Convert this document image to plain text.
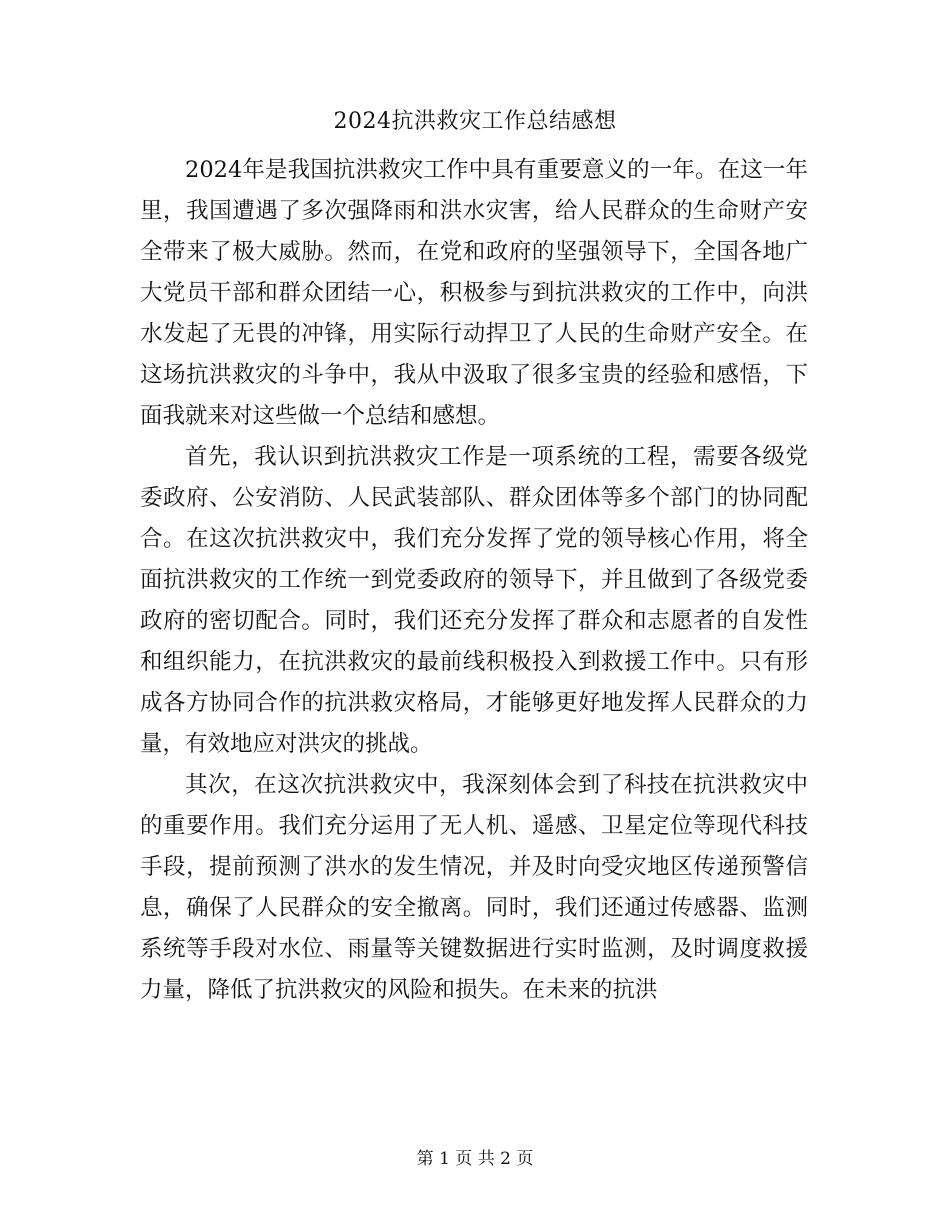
2024抗洪救灾工作总结感想

2024年是我国抗洪救灾工作中具有重要意义的一年。在这一年里，我国遭遇了多次强降雨和洪水灾害，给人民群众的生命财产安全带来了极大威胁。然而，在党和政府的坚强领导下，全国各地广大党员干部和群众团结一心，积极参与到抗洪救灾的工作中，向洪水发起了无畏的冲锋，用实际行动捍卫了人民的生命财产安全。在这场抗洪救灾的斗争中，我从中汲取了很多宝贵的经验和感悟，下面我就来对这些做一个总结和感想。

首先，我认识到抗洪救灾工作是一项系统的工程，需要各级党委政府、公安消防、人民武装部队、群众团体等多个部门的协同配合。在这次抗洪救灾中，我们充分发挥了党的领导核心作用，将全面抗洪救灾的工作统一到党委政府的领导下，并且做到了各级党委政府的密切配合。同时，我们还充分发挥了群众和志愿者的自发性和组织能力，在抗洪救灾的最前线积极投入到救援工作中。只有形成各方协同合作的抗洪救灾格局，才能够更好地发挥人民群众的力量，有效地应对洪灾的挑战。

其次，在这次抗洪救灾中，我深刻体会到了科技在抗洪救灾中的重要作用。我们充分运用了无人机、遥感、卫星定位等现代科技手段，提前预测了洪水的发生情况，并及时向受灾地区传递预警信息，确保了人民群众的安全撤离。同时，我们还通过传感器、监测系统等手段对水位、雨量等关键数据进行实时监测，及时调度救援力量，降低了抗洪救灾的风险和损失。在未来的抗洪

第 1 页 共 2 页
